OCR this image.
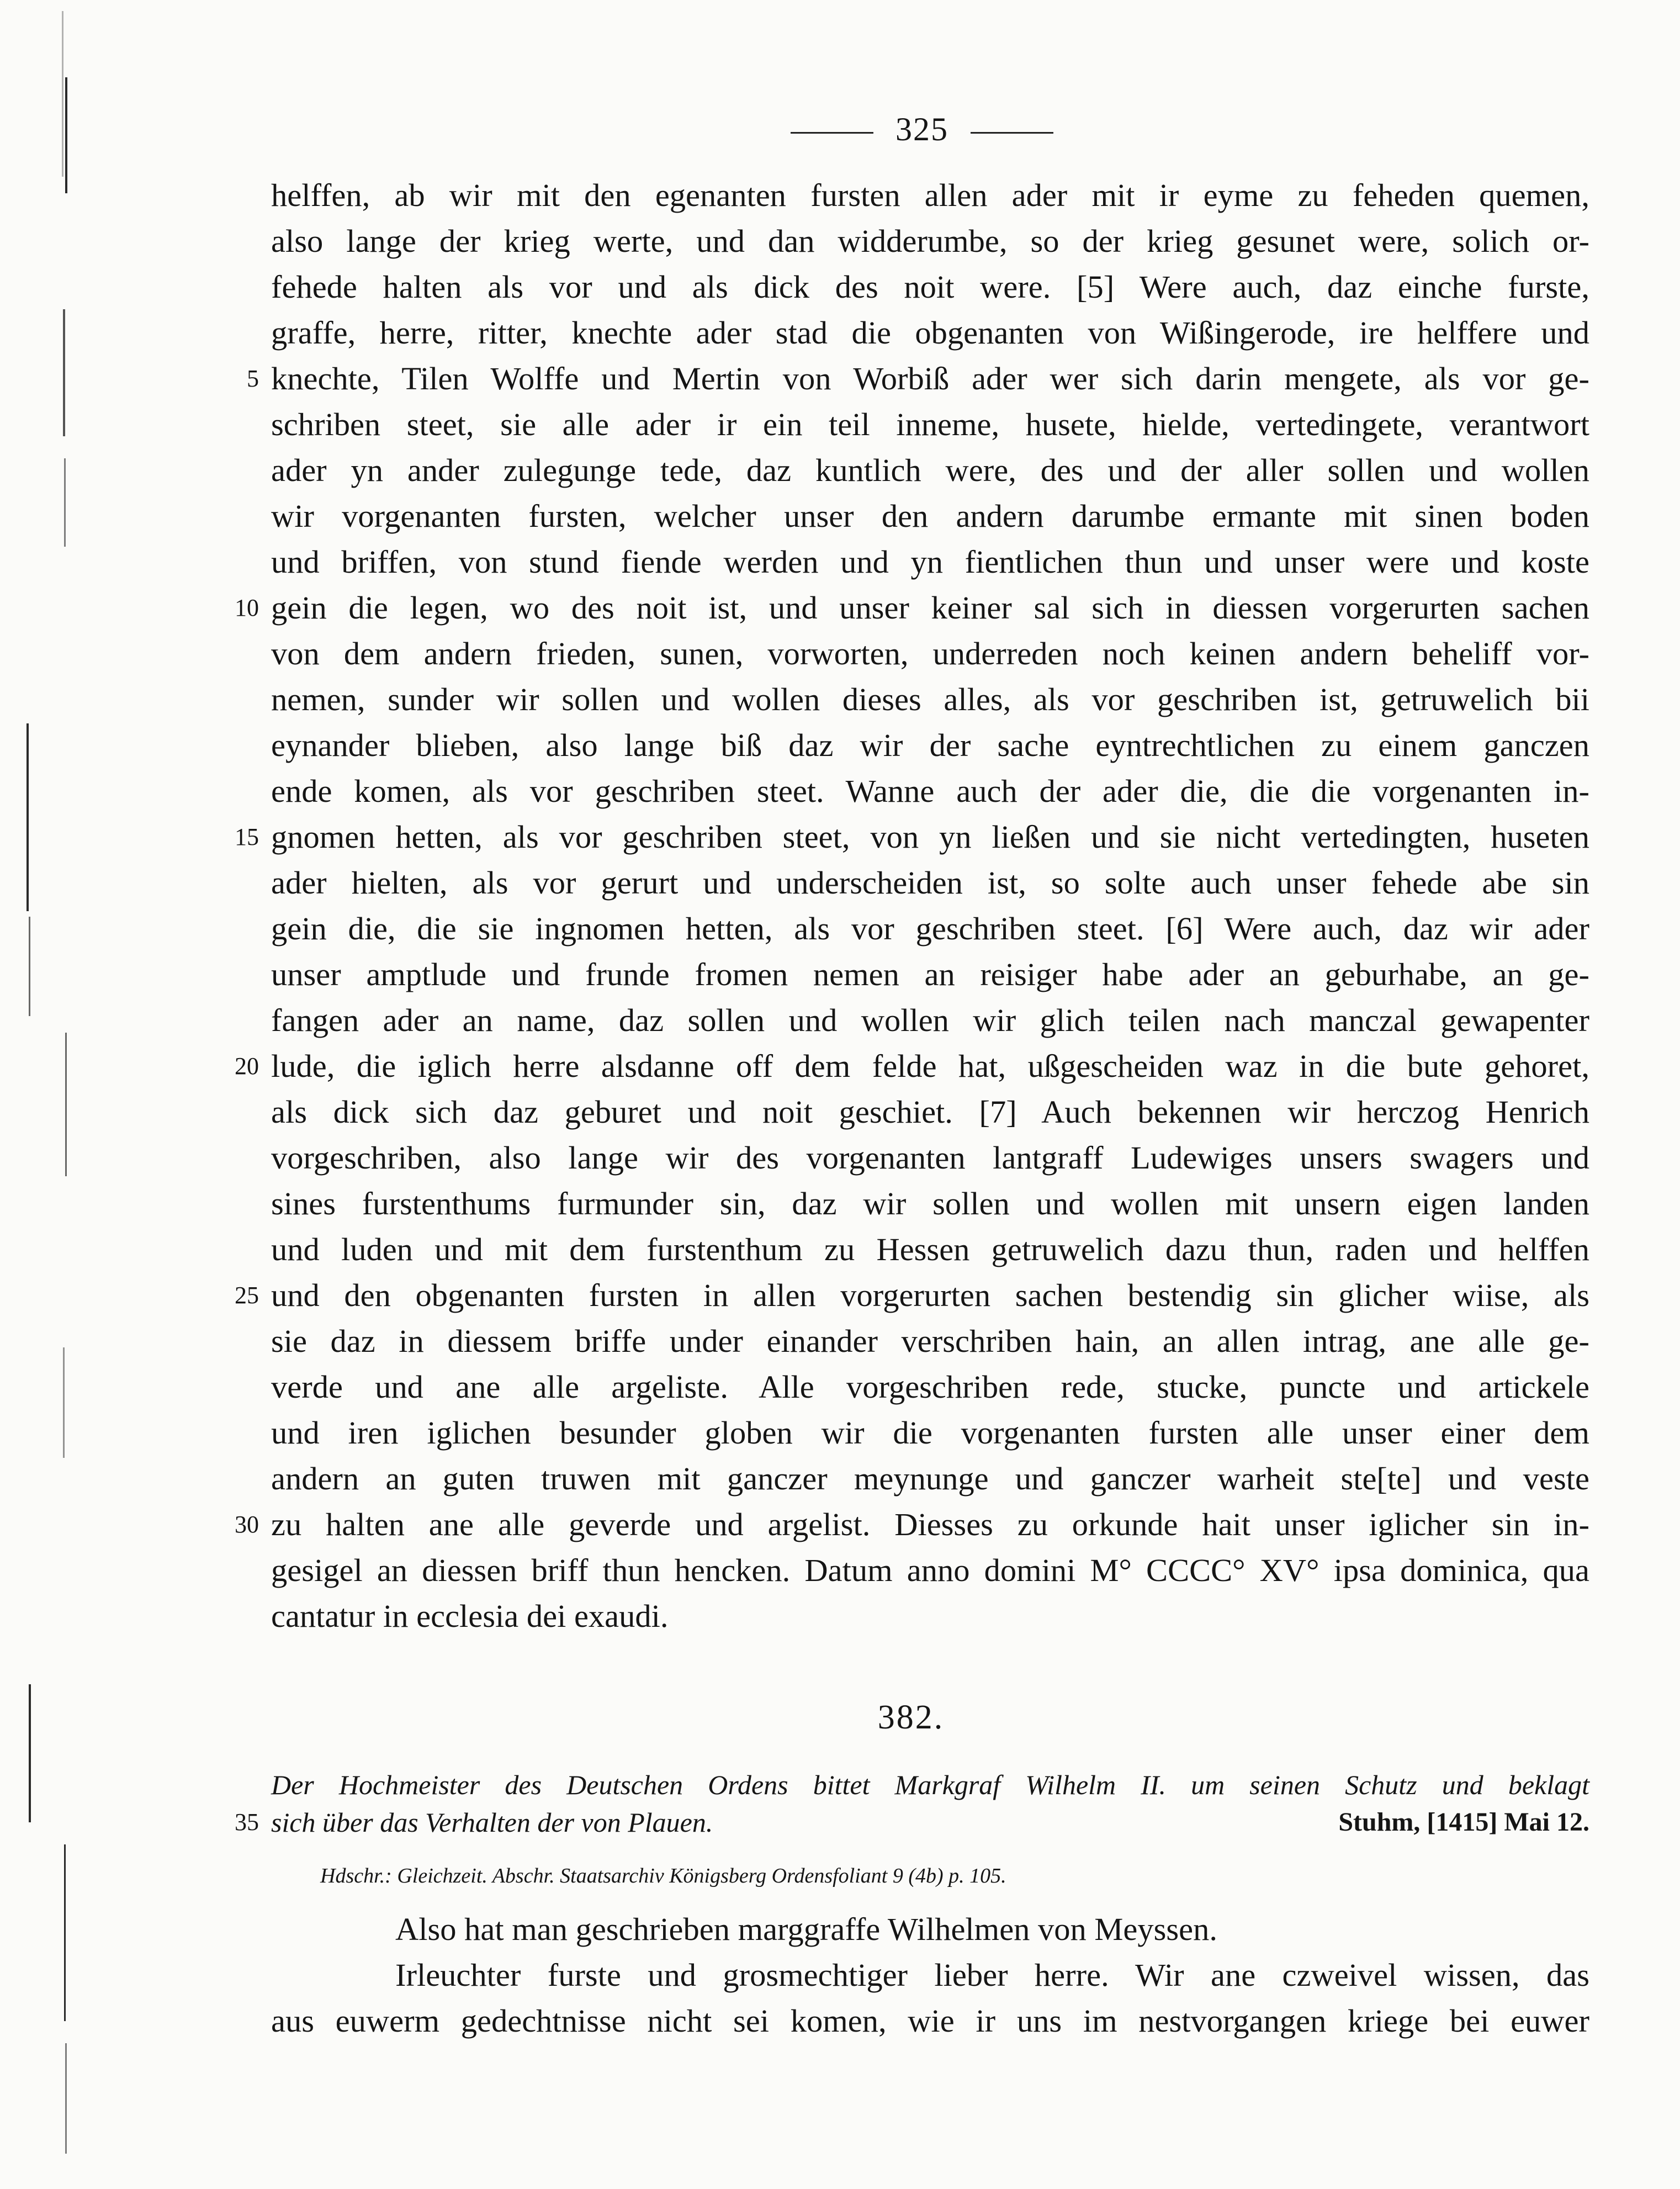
325
helffen, ab wir mit den egenanten fursten allen ader mit ir eyme zu feheden quemen,
also lange der krieg werte, und dan widderumbe, so der krieg gesunet were, solich or-
fehede halten als vor und als dick des noit were. [5] Were auch, daz einche furste,
graffe, herre, ritter, knechte ader stad die obgenanten von Wißingerode, ire helffere und
5 knechte, Tilen Wolffe und Mertin von Worbiß ader wer sich darin mengete, als vor ge-
schriben steet, sie alle ader ir ein teil inneme, husete, hielde, vertedingete, verantwort
ader yn ander zulegunge tede, daz kuntlich were, des und der aller sollen und wollen
wir vorgenanten fursten, welcher unser den andern darumbe ermante mit sinen boden
und briffen, von stund fiende werden und yn fientlichen thun und unser were und koste
10 gein die legen, wo des noit ist, und unser keiner sal sich in diessen vorgerurten sachen
von dem andern frieden, sunen, vorworten, underreden noch keinen andern beheliff vor-
nemen, sunder wir sollen und wollen dieses alles, als vor geschriben ist, getruwelich bii
eynander blieben, also lange biß daz wir der sache eyntrechtlichen zu einem ganczen
ende komen, als vor geschriben steet. Wanne auch der ader die, die die vorgenanten in-
15 gnomen hetten, als vor geschriben steet, von yn ließen und sie nicht vertedingten, huseten
ader hielten, als vor gerurt und underscheiden ist, so solte auch unser fehede abe sin
gein die, die sie ingnomen hetten, als vor geschriben steet. [6] Were auch, daz wir ader
unser amptlude und frunde fromen nemen an reisiger habe ader an geburhabe, an ge-
fangen ader an name, daz sollen und wollen wir glich teilen nach manczal gewapenter
20 lude, die iglich herre alsdanne off dem felde hat, ußgescheiden waz in die bute gehoret,
als dick sich daz geburet und noit geschiet. [7] Auch bekennen wir herczog Henrich
vorgeschriben, also lange wir des vorgenanten lantgraff Ludewiges unsers swagers und
sines furstenthums furmunder sin, daz wir sollen und wollen mit unsern eigen landen
und luden und mit dem furstenthum zu Hessen getruwelich dazu thun, raden und helffen
25 und den obgenanten fursten in allen vorgerurten sachen bestendig sin glicher wiise, als
sie daz in diessem briffe under einander verschriben hain, an allen intrag, ane alle ge-
verde und ane alle argeliste. Alle vorgeschriben rede, stucke, puncte und artickele
und iren iglichen besunder globen wir die vorgenanten fursten alle unser einer dem
andern an guten truwen mit ganczer meynunge und ganczer warheit ste[te] und veste
30 zu halten ane alle geverde und argelist. Diesses zu orkunde hait unser iglicher sin in-
gesigel an diessen briff thun hencken. Datum anno domini M° CCCC° XV° ipsa dominica, qua
cantatur in ecclesia dei exaudi.
382.
Der Hochmeister des Deutschen Ordens bittet Markgraf Wilhelm II. um seinen Schutz und beklagt
35 sich über das Verhalten der von Plauen.	Stuhm, [1415] Mai 12.
Hdschr.: Gleichzeit. Abschr. Staatsarchiv Königsberg Ordensfoliant 9 (4b) p. 105.
Also hat man geschrieben marggraffe Wilhelmen von Meyssen.
Irleuchter furste und grosmechtiger lieber herre. Wir ane czweivel wissen, das
aus euwerm gedechtnisse nicht sei komen, wie ir uns im nestvorgangen kriege bei euwer
